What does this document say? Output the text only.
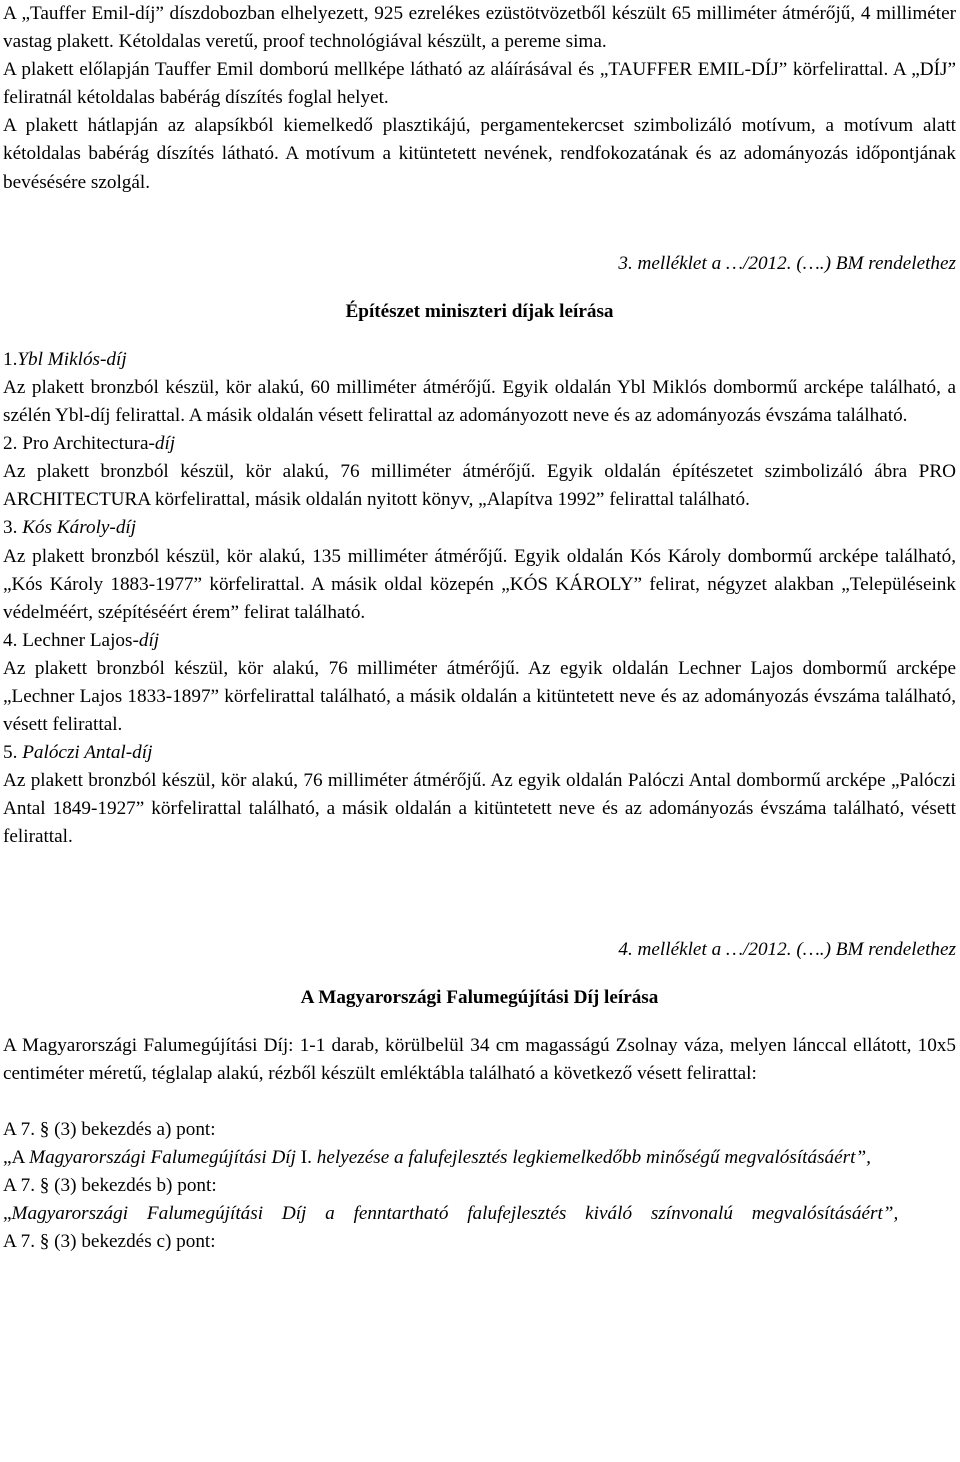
A „Tauffer Emil-díj” díszdobozban elhelyezett, 925 ezrelékes ezüstötvözetből készült 65 milliméter átmérőjű, 4 milliméter vastag plakett. Kétoldalas veretű, proof technológiával készült, a pereme sima.

A plakett előlapján Tauffer Emil domború mellképe látható az aláírásával és „TAUFFER EMIL-DÍJ” körfelirattal. A „DÍJ” feliratnál kétoldalas babérág díszítés foglal helyet.

A plakett hátlapján az alapsíkból kiemelkedő plasztikájú, pergamentekercset szimbolizáló motívum, a motívum alatt kétoldalas babérág díszítés látható. A motívum a kitüntetett nevének, rendfokozatának és az adományozás időpontjának bevésésére szolgál.

3. melléklet a …/2012. (….) BM rendelethez

Építészet miniszteri díjak leírása

1.Ybl Miklós-díj

Az plakett bronzból készül, kör alakú, 60 milliméter átmérőjű. Egyik oldalán Ybl Miklós dombormű arcképe található, a szélén Ybl-díj felirattal. A másik oldalán vésett felirattal az adományozott neve és az adományozás évszáma található.

2. Pro Architectura-díj

Az plakett bronzból készül, kör alakú, 76 milliméter átmérőjű. Egyik oldalán építészetet szimbolizáló ábra PRO ARCHITECTURA körfelirattal, másik oldalán nyitott könyv, „Alapítva 1992” felirattal található.

3. Kós Károly-díj

Az plakett bronzból készül, kör alakú, 135 milliméter átmérőjű. Egyik oldalán Kós Károly dombormű arcképe található, „Kós Károly 1883-1977” körfelirattal. A másik oldal közepén „KÓS KÁROLY” felirat, négyzet alakban „Településeink védelméért, szépítéséért érem” felirat található.

4. Lechner Lajos-díj

Az plakett bronzból készül, kör alakú, 76 milliméter átmérőjű. Az egyik oldalán Lechner Lajos dombormű arcképe „Lechner Lajos 1833-1897” körfelirattal található, a másik oldalán a kitüntetett neve és az adományozás évszáma található, vésett felirattal.

5. Palóczi Antal-díj

Az plakett bronzból készül, kör alakú, 76 milliméter átmérőjű. Az egyik oldalán Palóczi Antal dombormű arcképe „Palóczi Antal 1849-1927” körfelirattal található, a másik oldalán a kitüntetett neve és az adományozás évszáma található, vésett felirattal.

4. melléklet a …/2012. (….) BM rendelethez

A Magyarországi Falumegújítási Díj leírása

A Magyarországi Falumegújítási Díj: 1-1 darab, körülbelül 34 cm magasságú Zsolnay váza, melyen lánccal ellátott, 10x5 centiméter méretű, téglalap alakú, rézből készült emléktábla található a következő vésett felirattal:

A 7. § (3) bekezdés a) pont:

„A Magyarországi Falumegújítási Díj I. helyezése a falufejlesztés legkiemelkedőbb minőségű megvalósításáért”,

A 7. § (3) bekezdés b) pont:

„Magyarországi Falumegújítási Díj a fenntartható falufejlesztés kiváló színvonalú megvalósításáért”,

A 7. § (3) bekezdés c) pont:
